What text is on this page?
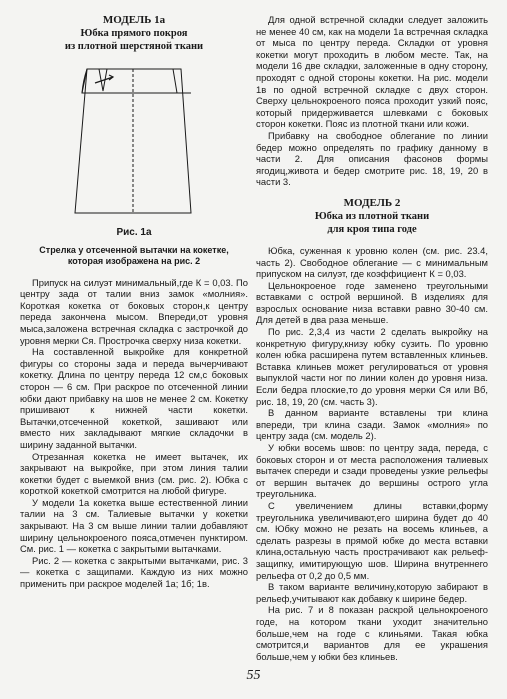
МОДЕЛЬ 1а
Юбка прямого покроя
из плотной шерстяной ткани
Рис. 1а
Стрелка у отсеченной вытачки на кокетке,
которая изображена на рис. 2

Припуск на силуэт минимальный,где К = 0,03. По центру зада от талии вниз замок «молния». Короткая кокетка от боковых сторон,к центру переда закончена мысом. Впереди,от уровня мыса,заложена встречная складка с застрочкой до уровня мерки Ся. Прострочка сверху низа кокетки.

На составленной выкройке для конкретной фигуры со стороны зада и переда вычерчивают кокетку. Длина по центру переда 12 см,с боковых сторон — 6 см. При раскрое по отсеченной линии юбки дают прибавку на шов не менее 2 см. Кокетку пришивают к нижней части кокетки. Вытачки,отсеченной кокеткой, зашивают или вместо них закладывают мягкие складочки в ширину заданной вытачки.

Отрезанная кокетка не имеет вытачек, их закрывают на выкройке, при этом линия талии кокетки будет с выемкой вниз (см. рис. 2). Юбка с короткой кокеткой смотрится на любой фигуре.

У модели 1а кокетка выше естественной линии талии на 3 см. Талиевые вытачки у кокетки закрывают. На 3 см выше линии талии добавляют ширину цельнокроеного пояса,отмечен пунктиром. См. рис. 1 — кокетка с закрытыми вытачками.

Рис. 2 — кокетка с закрытыми вытачками, рис. 3 — кокетка с защипами. Каждую из них можно применить при раскрое моделей 1а; 1б; 1в.

Для одной встречной складки следует заложить не менее 40 см, как на модели 1а встречная складка от мыса по центру переда. Складки от уровня кокетки могут проходить в любом месте. Так, на модели 16 две складки, заложенные в одну сторону, проходят с одной стороны кокетки. На рис. модели 1в по одной встречной складке с двух сторон. Сверху цельнокроеного пояса проходит узкий пояс, который придерживается шлевками с боковых сторон кокетки. Пояс из плотной ткани или кожи.

Прибавку на свободное облегание по линии бедер можно определять по графику данному в части 2. Для описания фасонов формы ягодиц,живота и бедер смотрите рис. 18, 19, 20 в части 3.

МОДЕЛЬ 2
Юбка из плотной ткани
для кроя типа годе

Юбка, суженная к уровню колен (см. рис. 23.4, часть 2). Свободное облегание — с минимальным припуском на силуэт, где коэффициент К = 0,03.

Цельнокроеное годе заменено треугольными вставками с острой вершиной. В изделиях для взрослых основание низа вставки равно 30-40 см. Для детей в два раза меньше.

По рис. 2,3,4 из части 2 сделать выкройку на конкретную фигуру,книзу юбку сузить. По уровню колен юбка расширена путем вставленных клиньев. Вставка клиньев может регулироваться от уровня выпуклой части ног по линии колен до уровня низа. Если бедра плоские,то до уровня мерки Ся или Вб, рис. 18, 19, 20 (см. часть 3).

В данном варианте вставлены три клина впереди, три клина сзади. Замок «молния» по центру зада (см. модель 2).

У юбки восемь швов: по центру зада, переда, с боковых сторон и от места расположения талиевых вытачек спереди и сзади проведены узкие рельефы от вершин вытачек до вершины острого угла треугольника.

С увеличением длины вставки,форму треугольника увеличивают,его ширина будет до 40 см. Юбку можно не резать на восемь клиньев, а сделать разрезы в прямой юбке до места вставки клина,остальную часть прострачивают как рельеф-защипку, имитирующую шов. Ширина внутреннего рельефа от 0,2 до 0,5 мм.

В таком варианте величину,которую забирают в рельеф,учитывают как добавку к ширине бедер.

На рис. 7 и 8 показан раскрой цельнокроеного годе, на котором ткани уходит значительно больше,чем на годе с клиньями. Такая юбка смотрится,и вариантов для ее украшения больше,чем у юбки без клиньев.

55
